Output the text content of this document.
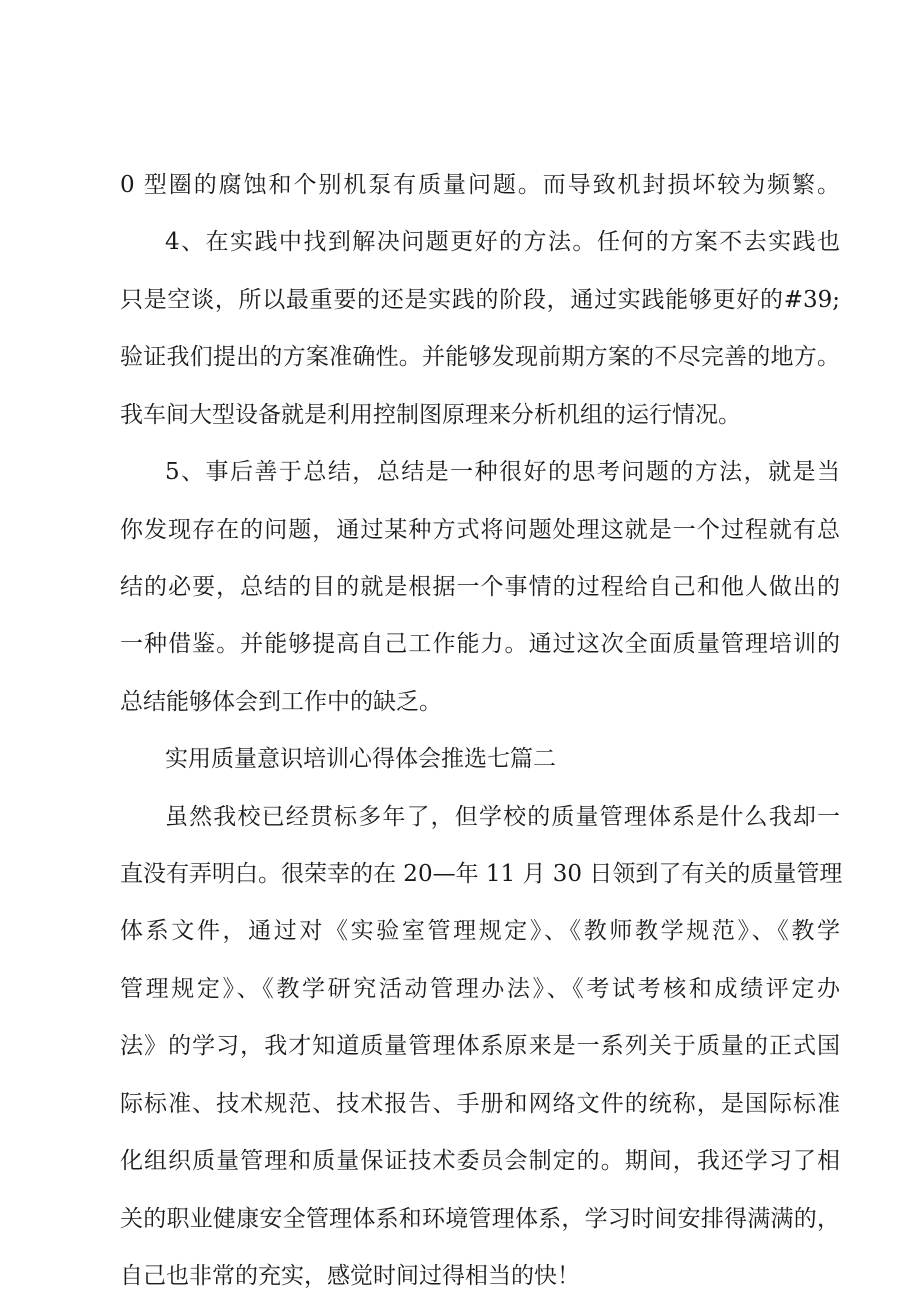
0 型圈的腐蚀和个别机泵有质量问题。而导致机封损坏较为频繁。
4、在实践中找到解决问题更好的方法。任何的方案不去实践也
只是空谈，所以最重要的还是实践的阶段，通过实践能够更好的#39;
验证我们提出的方案准确性。并能够发现前期方案的不尽完善的地方。
我车间大型设备就是利用控制图原理来分析机组的运行情况。
5、事后善于总结，总结是一种很好的思考问题的方法，就是当
你发现存在的问题，通过某种方式将问题处理这就是一个过程就有总
结的必要，总结的目的就是根据一个事情的过程给自己和他人做出的
一种借鉴。并能够提高自己工作能力。通过这次全面质量管理培训的
总结能够体会到工作中的缺乏。
实用质量意识培训心得体会推选七篇二
虽然我校已经贯标多年了，但学校的质量管理体系是什么我却一
直没有弄明白。很荣幸的在 20—年 11 月 30 日领到了有关的质量管理
体系文件，通过对《实验室管理规定》、《教师教学规范》、《教学
管理规定》、《教学研究活动管理办法》、《考试考核和成绩评定办
法》的学习，我才知道质量管理体系原来是一系列关于质量的正式国
际标准、技术规范、技术报告、手册和网络文件的统称，是国际标准
化组织质量管理和质量保证技术委员会制定的。期间，我还学习了相
关的职业健康安全管理体系和环境管理体系，学习时间安排得满满的，
自己也非常的充实，感觉时间过得相当的快！
